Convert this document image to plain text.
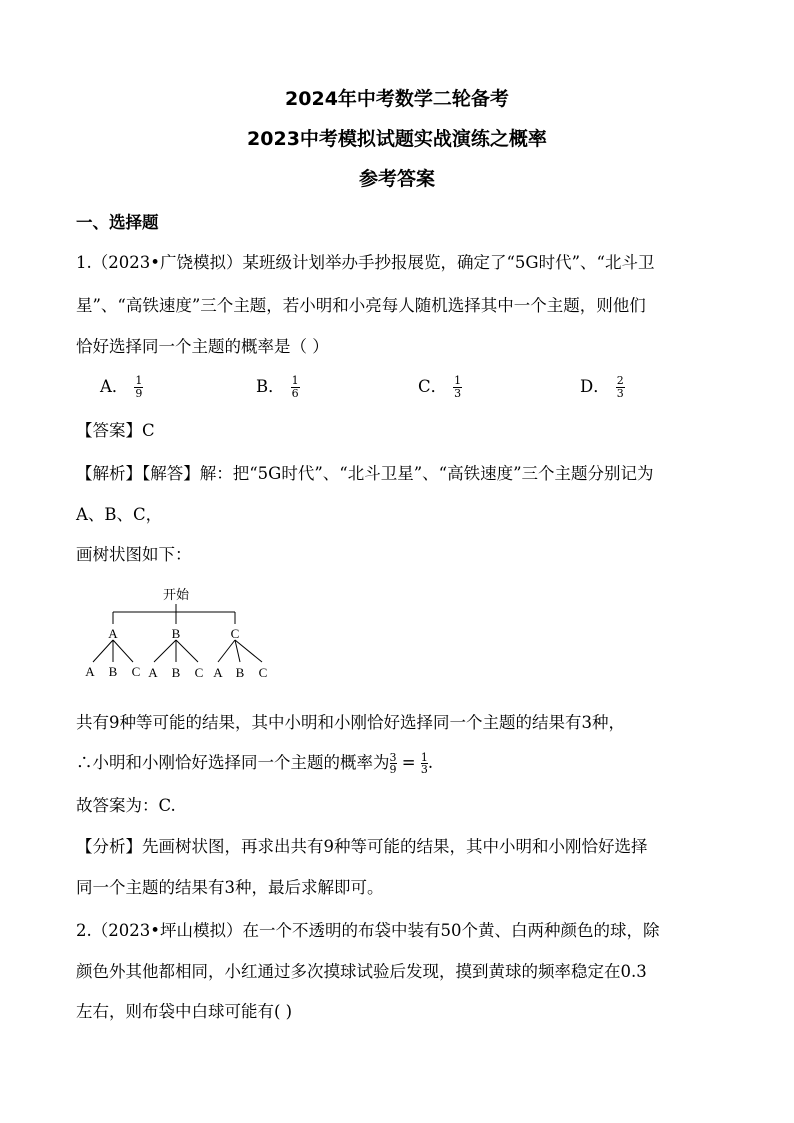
2024年中考数学二轮备考
2023中考模拟试题实战演练之概率
参考答案
一、选择题
1.（2023•广饶模拟）某班级计划举办手抄报展览，确定了“5G时代”、“北斗卫
星”、“高铁速度”三个主题，若小明和小亮每人随机选择其中一个主题，则他们
恰好选择同一个主题的概率是（ ）
A． $\frac{1}{9}$	B． $\frac{1}{6}$	C． $\frac{1}{3}$	D． $\frac{2}{3}$
【答案】C
【解析】【解答】解：把“5G时代”、“北斗卫星”、“高铁速度”三个主题分别记为
A、B、C，
画树状图如下：
开始
A	B	C
A B C A B C A B C
共有9种等可能的结果，其中小明和小刚恰好选择同一个主题的结果有3种，
∴小明和小刚恰好选择同一个主题的概率为 $\frac{3}{9} = \frac{1}{3}$ .
故答案为：C.
【分析】先画树状图，再求出共有9种等可能的结果，其中小明和小刚恰好选择
同一个主题的结果有3种，最后求解即可。
2.（2023•坪山模拟）在一个不透明的布袋中装有50个黄、白两种颜色的球，除
颜色外其他都相同，小红通过多次摸球试验后发现，摸到黄球的频率稳定在0.3
左右，则布袋中白球可能有( )
